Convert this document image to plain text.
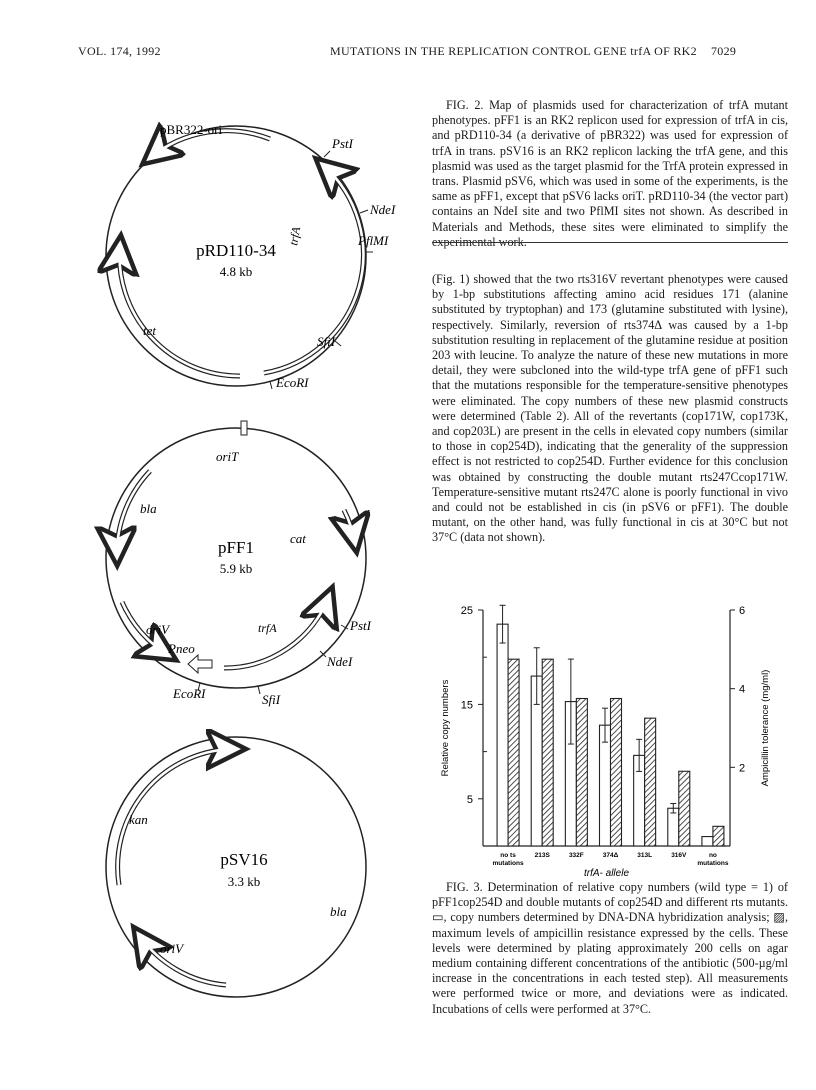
VOL. 174, 1992	MUTATIONS IN THE REPLICATION CONTROL GENE trfA OF RK2 7029

FIG. 2. Map of plasmids used for characterization of trfA mutant phenotypes. pFF1 is an RK2 replicon used for expression of trfA in cis, and pRD110-34 (a derivative of pBR322) was used for expression of trfA in trans. pSV16 is an RK2 replicon lacking the trfA gene, and this plasmid was used as the target plasmid for the TrfA protein expressed in trans. Plasmid pSV6, which was used in some of the experiments, is the same as pFF1, except that pSV6 lacks oriT. pRD110-34 (the vector part) contains an NdeI site and two PflMI sites not shown. As described in Materials and Methods, these sites were eliminated to simplify the experimental work.

(Fig. 1) showed that the two rts316V revertant phenotypes were caused by 1-bp substitutions affecting amino acid residues 171 (alanine substituted by tryptophan) and 173 (glutamine substituted with lysine), respectively. Similarly, reversion of rts374Δ was caused by a 1-bp substitution resulting in replacement of the glutamine residue at position 203 with leucine. To analyze the nature of these new mutations in more detail, they were subcloned into the wild-type trfA gene of pFF1 such that the mutations responsible for the temperature-sensitive phenotypes were eliminated. The copy numbers of these new plasmid constructs were determined (Table 2). All of the revertants (cop171W, cop173K, and cop203L) are present in the cells in elevated copy numbers (similar to those in cop254D), indicating that the generality of the suppression effect is not restricted to cop254D. Further evidence for this conclusion was obtained by constructing the double mutant rts247Ccop171W. Temperature-sensitive mutant rts247C alone is poorly functional in vivo and could not be established in cis (in pSV6 or pFF1). The double mutant, on the other hand, was fully functional in cis at 30°C but not 37°C (data not shown).

FIG. 3. Determination of relative copy numbers (wild type = 1) of pFF1cop254D and double mutants of cop254D and different rts mutants. ▭, copy numbers determined by DNA-DNA hybridization analysis; ▨, maximum levels of ampicillin resistance expressed by the cells. These levels were determined by plating approximately 200 cells on agar medium containing different concentrations of the antibiotic (500-µg/ml increase in the concentrations in each tested step). All measurements were performed twice or more, and deviations were as indicated. Incubations of cells were performed at 37°C.

pRD110-34
4.8 kb
pBR322-ori
PstI
NdeI
PflMI
trfA
SfiI
EcoRI
tet
pFF1
5.9 kb
oriT
bla
cat
oriV	PstI
NdeI
trfA
Pneo
SfiI
EcoRI
pSV16
3.3 kb
kan
bla
oriV
5
15
25
2
4
6
Relative copy numbers	Ampicillin tolerance (mg/ml)
no ts
mutations
213S	332F	374Δ	313L	316V	no
mutations
trfA- allele
